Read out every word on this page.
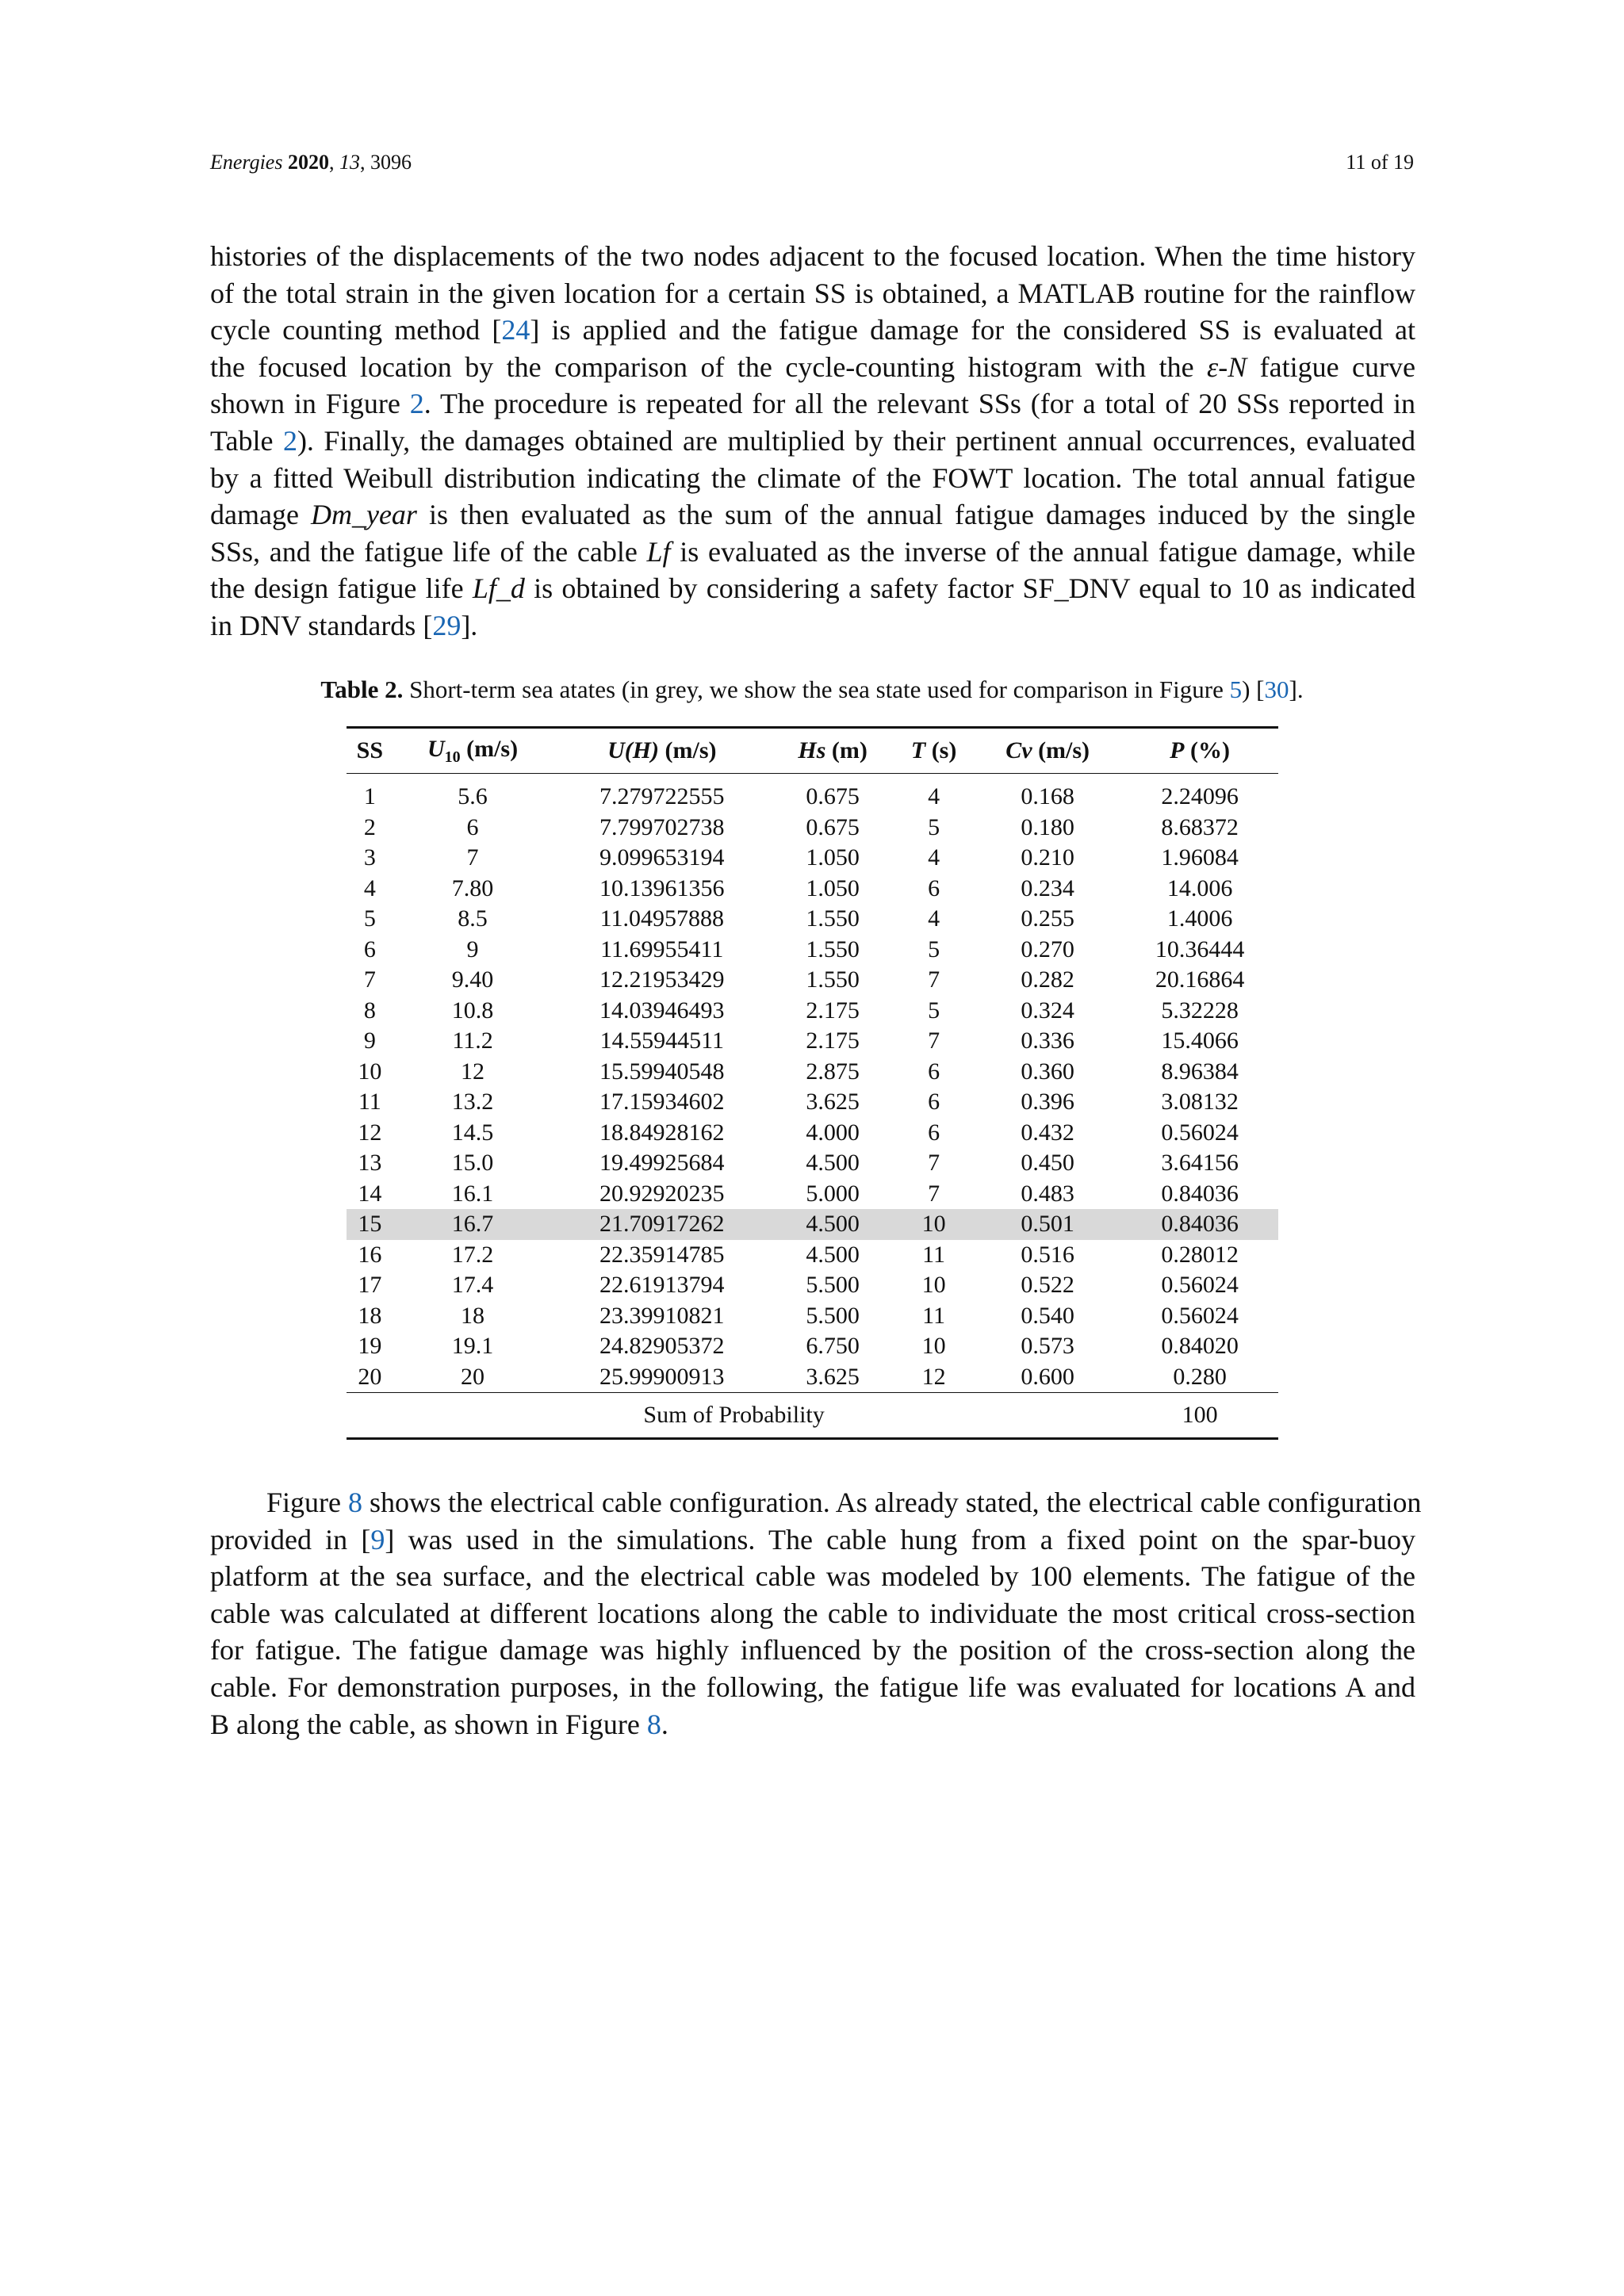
Energies 2020, 13, 3096	11 of 19
histories of the displacements of the two nodes adjacent to the focused location. When the time history
of the total strain in the given location for a certain SS is obtained, a MATLAB routine for the rainflow
cycle counting method [24] is applied and the fatigue damage for the considered SS is evaluated at
the focused location by the comparison of the cycle-counting histogram with the ε-N fatigue curve
shown in Figure 2. The procedure is repeated for all the relevant SSs (for a total of 20 SSs reported in
Table 2). Finally, the damages obtained are multiplied by their pertinent annual occurrences, evaluated
by a fitted Weibull distribution indicating the climate of the FOWT location. The total annual fatigue
damage Dm_year is then evaluated as the sum of the annual fatigue damages induced by the single
SSs, and the fatigue life of the cable Lf is evaluated as the inverse of the annual fatigue damage, while
the design fatigue life Lf_d is obtained by considering a safety factor SF_DNV equal to 10 as indicated
in DNV standards [29].
Table 2. Short-term sea atates (in grey, we show the sea state used for comparison in Figure 5) [30].
SS	$U_{10}$ (m/s)	U(H) (m/s)	Hs (m)	T (s)	Cv (m/s)	P (%)
1	5.6	7.279722555	0.675	4	0.168	2.24096
2	6	7.799702738	0.675	5	0.180	8.68372
3	7	9.099653194	1.050	4	0.210	1.96084
4	7.80	10.13961356	1.050	6	0.234	14.006
5	8.5	11.04957888	1.550	4	0.255	1.4006
6	9	11.69955411	1.550	5	0.270	10.36444
7	9.40	12.21953429	1.550	7	0.282	20.16864
8	10.8	14.03946493	2.175	5	0.324	5.32228
9	11.2	14.55944511	2.175	7	0.336	15.4066
10	12	15.59940548	2.875	6	0.360	8.96384
11	13.2	17.15934602	3.625	6	0.396	3.08132
12	14.5	18.84928162	4.000	6	0.432	0.56024
13	15.0	19.49925684	4.500	7	0.450	3.64156
14	16.1	20.92920235	5.000	7	0.483	0.84036
15	16.7	21.70917262	4.500	10	0.501	0.84036
16	17.2	22.35914785	4.500	11	0.516	0.28012
17	17.4	22.61913794	5.500	10	0.522	0.56024
18	18	23.39910821	5.500	11	0.540	0.56024
19	19.1	24.82905372	6.750	10	0.573	0.84020
20	20	25.99900913	3.625	12	0.600	0.280
Sum of Probability						100
Figure 8 shows the electrical cable configuration. As already stated, the electrical cable configuration
provided in [9] was used in the simulations. The cable hung from a fixed point on the spar-buoy
platform at the sea surface, and the electrical cable was modeled by 100 elements. The fatigue of the
cable was calculated at different locations along the cable to individuate the most critical cross-section
for fatigue. The fatigue damage was highly influenced by the position of the cross-section along the
cable. For demonstration purposes, in the following, the fatigue life was evaluated for locations A and
B along the cable, as shown in Figure 8.
